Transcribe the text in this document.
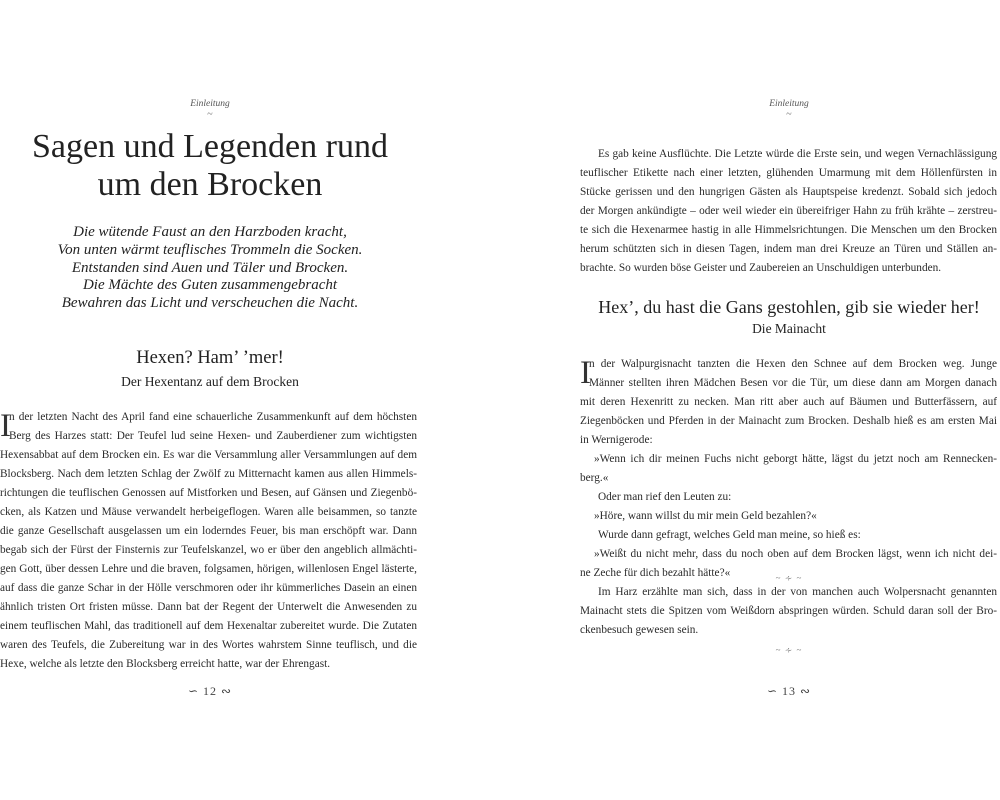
Einleitung
~
Sagen und Legenden rund
um den Brocken
Die wütende Faust an den Harzboden kracht,
Von unten wärmt teuflisches Trommeln die Socken.
Entstanden sind Auen und Täler und Brocken.
Die Mächte des Guten zusammengebracht
Bewahren das Licht und verscheuchen die Nacht.
Hexen? Ham’ ’mer!
Der Hexentanz auf dem Brocken
I
n der letzten Nacht des April fand eine schauerliche Zusammenkunft auf dem höchsten
Berg des Harzes statt: Der Teufel lud seine Hexen- und Zauberdiener zum wichtigsten
Hexensabbat auf dem Brocken ein. Es war die Versammlung aller Versammlungen auf dem
Blocksberg. Nach dem letzten Schlag der Zwölf zu Mitternacht kamen aus allen Himmels-
richtungen die teuflischen Genossen auf Mistforken und Besen, auf Gänsen und Ziegenbö-
cken, als Katzen und Mäuse verwandelt herbeigeflogen. Waren alle beisammen, so tanzte
die ganze Gesellschaft ausgelassen um ein loderndes Feuer, bis man erschöpft war. Dann
begab sich der Fürst der Finsternis zur Teufelskanzel, wo er über den angeblich allmächti-
gen Gott, über dessen Lehre und die braven, folgsamen, hörigen, willenlosen Engel lästerte,
auf dass die ganze Schar in der Hölle verschmoren oder ihr kümmerliches Dasein an einen
ähnlich tristen Ort fristen müsse. Dann bat der Regent der Unterwelt die Anwesenden zu
einem teuflischen Mahl, das traditionell auf dem Hexenaltar zubereitet wurde. Die Zutaten
waren des Teufels, die Zubereitung war in des Wortes wahrstem Sinne teuflisch, und die
Hexe, welche als letzte den Blocksberg erreicht hatte, war der Ehrengast.
∽ 12 ∾
Einleitung
~
Es gab keine Ausflüchte. Die Letzte würde die Erste sein, und wegen Vernachlässigung
teuflischer Etikette nach einer letzten, glühenden Umarmung mit dem Höllenfürsten in
Stücke gerissen und den hungrigen Gästen als Hauptspeise kredenzt. Sobald sich jedoch
der Morgen ankündigte – oder weil wieder ein übereifriger Hahn zu früh krähte – zerstreu-
te sich die Hexenarmee hastig in alle Himmelsrichtungen. Die Menschen um den Brocken
herum schützten sich in diesen Tagen, indem man drei Kreuze an Türen und Ställen an-
brachte. So wurden böse Geister und Zaubereien an Unschuldigen unterbunden.
Hex’, du hast die Gans gestohlen, gib sie wieder her!
Die Mainacht
I
n der Walpurgisnacht tanzten die Hexen den Schnee auf dem Brocken weg. Junge
Männer stellten ihren Mädchen Besen vor die Tür, um diese dann am Morgen danach
mit deren Hexenritt zu necken. Man ritt aber auch auf Bäumen und Butterfässern, auf
Ziegenböcken und Pferden in der Mainacht zum Brocken. Deshalb hieß es am ersten Mai
in Wernigerode:
»Wenn ich dir meinen Fuchs nicht geborgt hätte, lägst du jetzt noch am Rennecken-
berg.«
Oder man rief den Leuten zu:
»Höre, wann willst du mir mein Geld bezahlen?«
Wurde dann gefragt, welches Geld man meine, so hieß es:
»Weißt du nicht mehr, dass du noch oben auf dem Brocken lägst, wenn ich nicht dei-
ne Zeche für dich bezahlt hätte?«	~ ∻ ~
Im Harz erzählte man sich, dass in der von manchen auch Wolpersnacht genannten
Mainacht stets die Spitzen vom Weißdorn abspringen würden. Schuld daran soll der Bro-
ckenbesuch gewesen sein.
~ ∻ ~
∽ 13 ∾
